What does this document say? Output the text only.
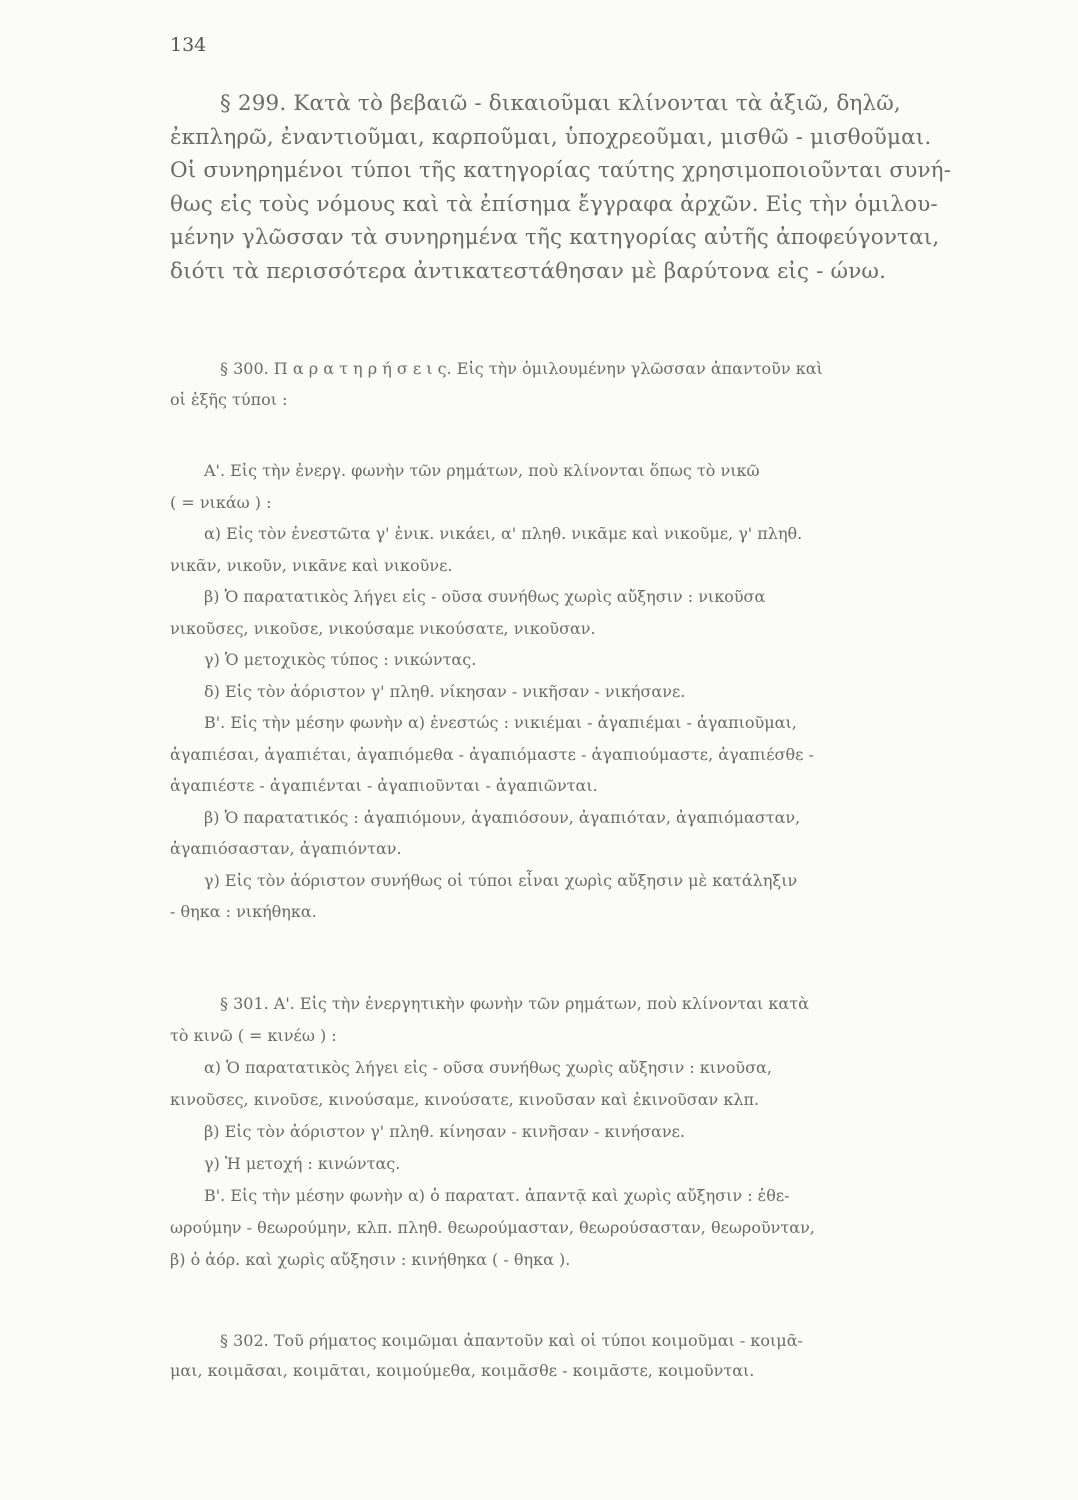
134
§ 299. Κατὰ τὸ βεβαιῶ - δικαιοῦμαι κλίνονται τὰ ἀξιῶ, δηλῶ,
ἐκπληρῶ, ἐναντιοῦμαι, καρποῦμαι, ὑποχρεοῦμαι, μισθῶ - μισθοῦμαι.
Οἱ συνηρημένοι τύποι τῆς κατηγορίας ταύτης χρησιμοποιοῦνται συνή-
θως εἰς τοὺς νόμους καὶ τὰ ἐπίσημα ἔγγραφα ἀρχῶν. Εἰς τὴν ὁμιλου-
μένην γλῶσσαν τὰ συνηρημένα τῆς κατηγορίας αὐτῆς ἀποφεύγονται,
διότι τὰ περισσότερα ἀντικατεστάθησαν μὲ βαρύτονα εἰς - ώνω.
§ 300. Π α ρ α τ η ρ ή σ ε ι ς. Εἰς τὴν ὁμιλουμένην γλῶσσαν ἀπαντοῦν καὶ
οἱ ἑξῆς τύποι :
Α'. Εἰς τὴν ἐνεργ. φωνὴν τῶν ρημάτων, ποὺ κλίνονται ὅπως τὸ νικῶ
( = νικάω ) :
α) Εἰς τὸν ἐνεστῶτα γ' ἑνικ. νικάει, α' πληθ. νικᾶμε καὶ νικοῦμε, γ' πληθ.
νικᾶν, νικοῦν, νικᾶνε καὶ νικοῦνε.
β) Ὁ παρατατικὸς λήγει εἰς - οῦσα συνήθως χωρὶς αὔξησιν : νικοῦσα
νικοῦσες, νικοῦσε, νικούσαμε νικούσατε, νικοῦσαν.
γ) Ὁ μετοχικὸς τύπος : νικώντας.
δ) Εἰς τὸν ἀόριστον γ' πληθ. νίκησαν - νικῆσαν - νικήσανε.
Β'. Εἰς τὴν μέσην φωνὴν α) ἐνεστώς : νικιέμαι - ἀγαπιέμαι - ἀγαπιοῦμαι,
ἀγαπιέσαι, ἀγαπιέται, ἀγαπιόμεθα - ἀγαπιόμαστε - ἀγαπιούμαστε, ἀγαπιέσθε -
ἀγαπιέστε - ἀγαπιένται - ἀγαπιοῦνται - ἀγαπιῶνται.
β) Ὁ παρατατικός : ἀγαπιόμουν, ἀγαπιόσουν, ἀγαπιόταν, ἀγαπιόμασταν,
ἀγαπιόσασταν, ἀγαπιόνταν.
γ) Εἰς τὸν ἀόριστον συνήθως οἱ τύποι εἶναι χωρὶς αὔξησιν μὲ κατάληξιν
- θηκα : νικήθηκα.
§ 301. Α'. Εἰς τὴν ἐνεργητικὴν φωνὴν τῶν ρημάτων, ποὺ κλίνονται κατὰ
τὸ κινῶ ( = κινέω ) :
α) Ὁ παρατατικὸς λήγει εἰς - οῦσα συνήθως χωρὶς αὔξησιν : κινοῦσα,
κινοῦσες, κινοῦσε, κινούσαμε, κινούσατε, κινοῦσαν καὶ ἐκινοῦσαν κλπ.
β) Εἰς τὸν ἀόριστον γ' πληθ. κίνησαν - κινῆσαν - κινήσανε.
γ) Ἡ μετοχή : κινώντας.
Β'. Εἰς τὴν μέσην φωνὴν α) ὁ παρατατ. ἀπαντᾷ καὶ χωρὶς αὔξησιν : ἐθε-
ωρούμην - θεωρούμην, κλπ. πληθ. θεωρούμασταν, θεωρούσασταν, θεωροῦνταν,
β) ὁ ἀόρ. καὶ χωρὶς αὔξησιν : κινήθηκα ( - θηκα ).
§ 302. Τοῦ ρήματος κοιμῶμαι ἀπαντοῦν καὶ οἱ τύποι κοιμοῦμαι - κοιμᾶ-
μαι, κοιμᾶσαι, κοιμᾶται, κοιμούμεθα, κοιμᾶσθε - κοιμᾶστε, κοιμοῦνται.
